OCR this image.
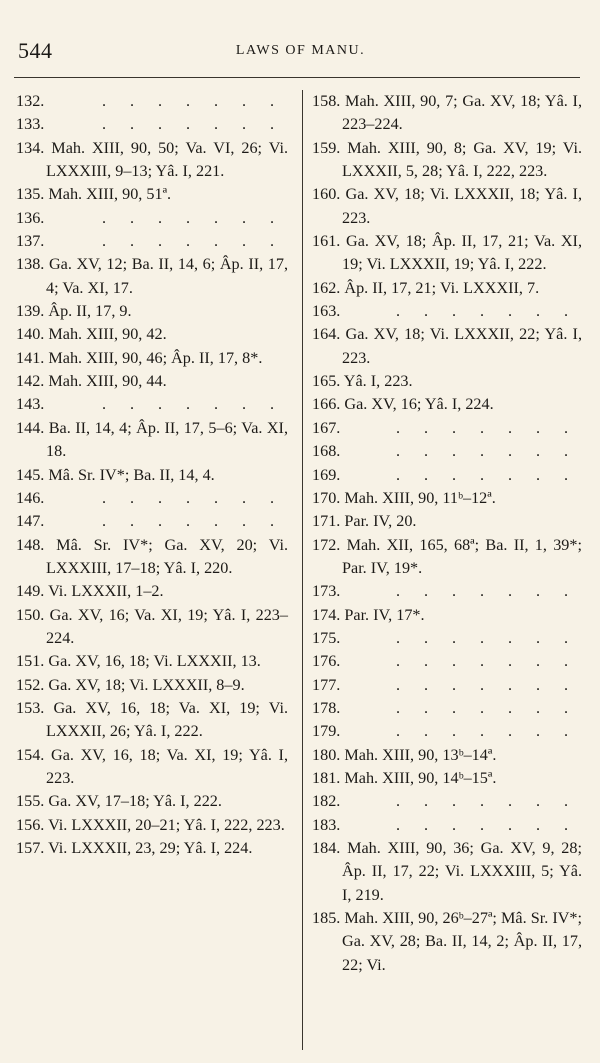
544	LAWS OF MANU.

132.	. . . . . . .

133.	. . . . . . .

134. Mah. XIII, 90, 50; Va. VI, 26; Vi. LXXXIII, 9–13; Yâ. I, 221.

135. Mah. XIII, 90, 51ª.

136.	. . . . . . .

137.	. . . . . . .

138. Ga. XV, 12; Ba. II, 14, 6; Âp. II, 17, 4; Va. XI, 17.

139. Âp. II, 17, 9.

140. Mah. XIII, 90, 42.

141. Mah. XIII, 90, 46; Âp. II, 17, 8*.

142. Mah. XIII, 90, 44.

143.	. . . . . . .

144. Ba. II, 14, 4; Âp. II, 17, 5–6; Va. XI, 18.

145. Mâ. Sr. IV*; Ba. II, 14, 4.

146.	. . . . . . .

147.	. . . . . . .

148. Mâ. Sr. IV*; Ga. XV, 20; Vi. LXXXIII, 17–18; Yâ. I, 220.

149. Vi. LXXXII, 1–2.

150. Ga. XV, 16; Va. XI, 19; Yâ. I, 223–224.

151. Ga. XV, 16, 18; Vi. LXXXII, 13.

152. Ga. XV, 18; Vi. LXXXII, 8–9.

153. Ga. XV, 16, 18; Va. XI, 19; Vi. LXXXII, 26; Yâ. I, 222.

154. Ga. XV, 16, 18; Va. XI, 19; Yâ. I, 223.

155. Ga. XV, 17–18; Yâ. I, 222.

156. Vi. LXXXII, 20–21; Yâ. I, 222, 223.

157. Vi. LXXXII, 23, 29; Yâ. I, 224.

158. Mah. XIII, 90, 7; Ga. XV, 18; Yâ. I, 223–224.

159. Mah. XIII, 90, 8; Ga. XV, 19; Vi. LXXXII, 5, 28; Yâ. I, 222, 223.

160. Ga. XV, 18; Vi. LXXXII, 18; Yâ. I, 223.

161. Ga. XV, 18; Âp. II, 17, 21; Va. XI, 19; Vi. LXXXII, 19; Yâ. I, 222.

162. Âp. II, 17, 21; Vi. LXXXII, 7.

163.	. . . . . . .

164. Ga. XV, 18; Vi. LXXXII, 22; Yâ. I, 223.

165. Yâ. I, 223.

166. Ga. XV, 16; Yâ. I, 224.

167.	. . . . . . .

168.	. . . . . . .

169.	. . . . . . .

170. Mah. XIII, 90, 11ᵇ–12ª.

171. Par. IV, 20.

172. Mah. XII, 165, 68ª; Ba. II, 1, 39*; Par. IV, 19*.

173.	. . . . . . .

174. Par. IV, 17*.

175.	. . . . . . .

176.	. . . . . . .

177.	. . . . . . .

178.	. . . . . . .

179.	. . . . . . .

180. Mah. XIII, 90, 13ᵇ–14ª.

181. Mah. XIII, 90, 14ᵇ–15ª.

182.	. . . . . . .

183.	. . . . . . .

184. Mah. XIII, 90, 36; Ga. XV, 9, 28; Âp. II, 17, 22; Vi. LXXXIII, 5; Yâ. I, 219.

185. Mah. XIII, 90, 26ᵇ–27ª; Mâ. Sr. IV*; Ga. XV, 28; Ba. II, 14, 2; Âp. II, 17, 22; Vi.
